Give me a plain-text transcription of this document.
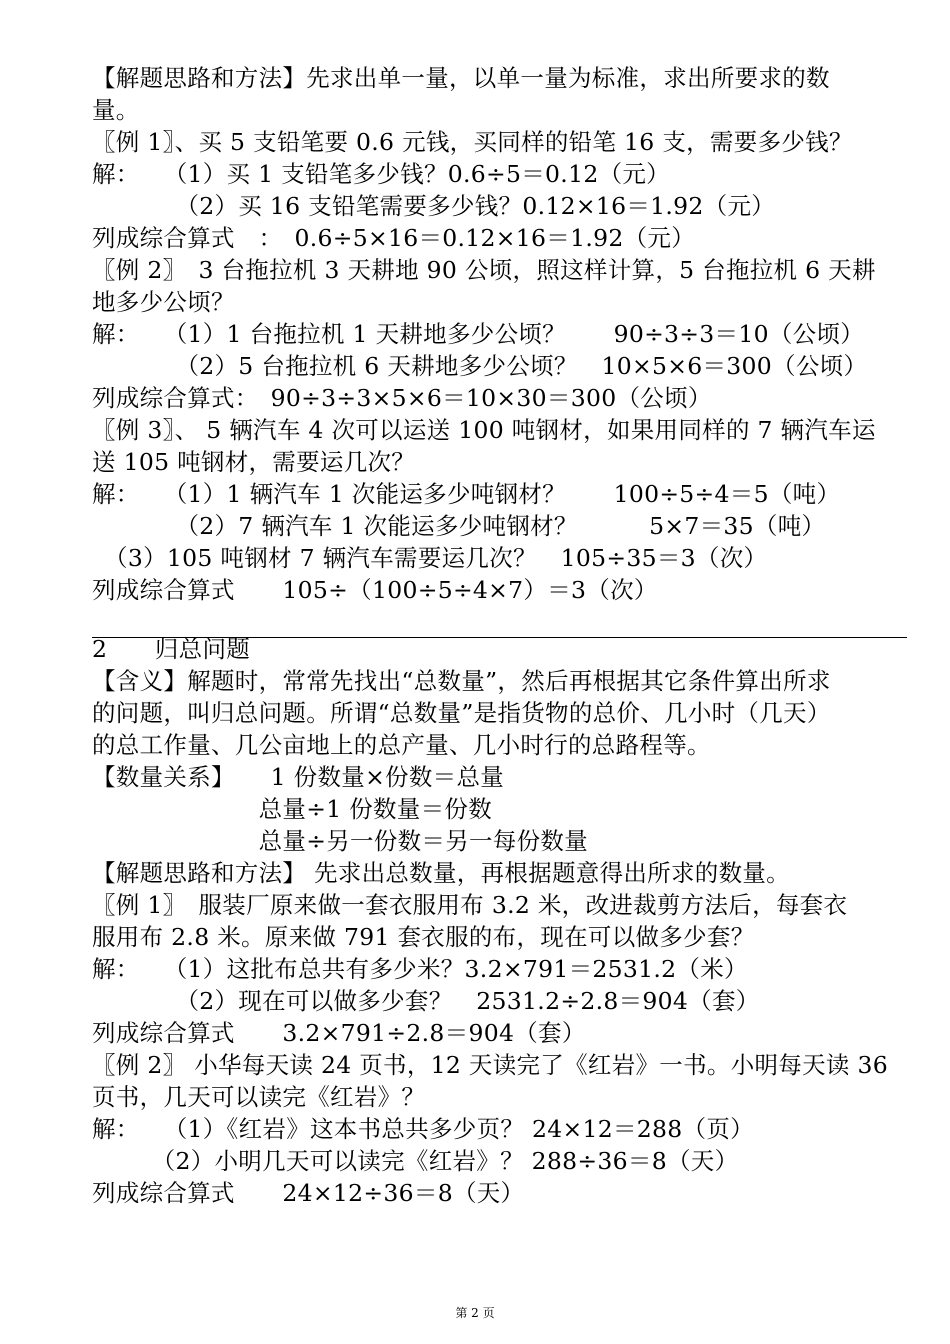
【解题思路和方法】先求出单一量，以单一量为标准，求出所要求的数
量。
〖例 1〗、买 5 支铅笔要 0.6 元钱，买同样的铅笔 16 支，需要多少钱？
解：　　（1）买 1 支铅笔多少钱？0.6÷5＝0.12（元）
　　　　（2）买 16 支铅笔需要多少钱？0.12×16＝1.92（元）
列成综合算式　：　0.6÷5×16＝0.12×16＝1.92（元）
〖例 2〗　3 台拖拉机 3 天耕地 90 公顷，照这样计算，5 台拖拉机 6 天耕
地多少公顷？
解：　　（1）1 台拖拉机 1 天耕地多少公顷？　　90÷3÷3＝10（公顷）
　　　　（2）5 台拖拉机 6 天耕地多少公顷？　10×5×6＝300（公顷）
列成综合算式：　90÷3÷3×5×6＝10×30＝300（公顷）
〖例 3〗、 5 辆汽车 4 次可以运送 100 吨钢材，如果用同样的 7 辆汽车运
送 105 吨钢材，需要运几次？
解：　　（1）1 辆汽车 1 次能运多少吨钢材？　　100÷5÷4＝5（吨）
　　　　（2）7 辆汽车 1 次能运多少吨钢材？　　　5×7＝35（吨）
　（3）105 吨钢材 7 辆汽车需要运几次？　105÷35＝3（次）
列成综合算式　　105÷（100÷5÷4×7）＝3（次）
2　　归总问题
【含义】解题时，常常先找出“总数量”，然后再根据其它条件算出所求
的问题，叫归总问题。所谓“总数量”是指货物的总价、几小时（几天）
的总工作量、几公亩地上的总产量、几小时行的总路程等。
【数量关系】　　1 份数量×份数＝总量
　　　　　　　总量÷1 份数量＝份数
　　　　　　　总量÷另一份数＝另一每份数量
【解题思路和方法】 先求出总数量，再根据题意得出所求的数量。
〖例 1〗　服装厂原来做一套衣服用布 3.2 米，改进裁剪方法后，每套衣
服用布 2.8 米。原来做 791 套衣服的布，现在可以做多少套？
解：　　（1）这批布总共有多少米？3.2×791＝2531.2（米）
　　　　（2）现在可以做多少套？　2531.2÷2.8＝904（套）
列成综合算式　　3.2×791÷2.8＝904（套）
〖例 2〗 小华每天读 24 页书，12 天读完了《红岩》一书。小明每天读 36
页书，几天可以读完《红岩》？
解：　　（1）《红岩》这本书总共多少页？ 24×12＝288（页）
　　　（2）小明几天可以读完《红岩》？ 288÷36＝8（天）
列成综合算式　　24×12÷36＝8（天）
第 2 页
